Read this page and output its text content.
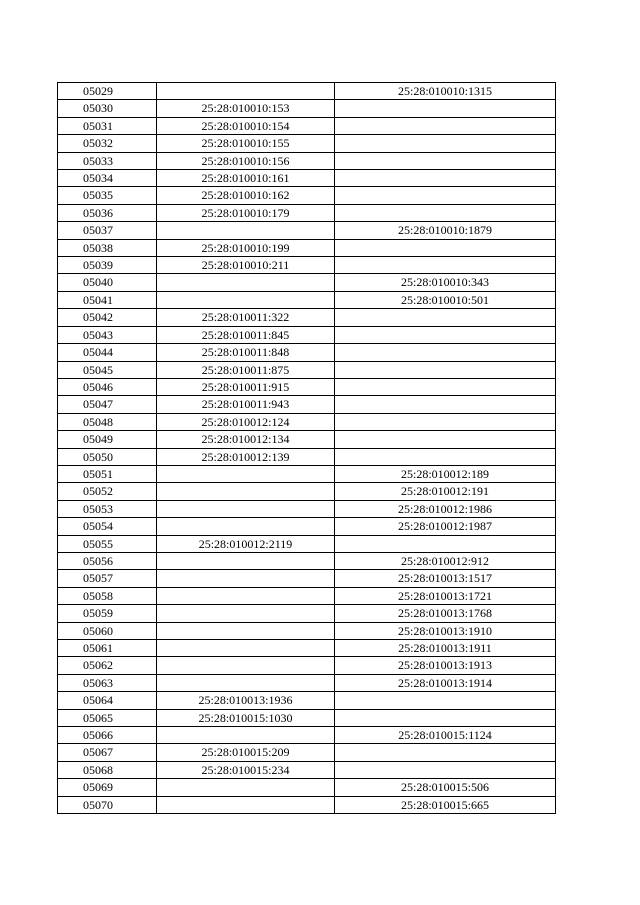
05029		25:28:010010:1315
05030	25:28:010010:153	
05031	25:28:010010:154	
05032	25:28:010010:155	
05033	25:28:010010:156	
05034	25:28:010010:161	
05035	25:28:010010:162	
05036	25:28:010010:179	
05037		25:28:010010:1879
05038	25:28:010010:199	
05039	25:28:010010:211	
05040		25:28:010010:343
05041		25:28:010010:501
05042	25:28:010011:322	
05043	25:28:010011:845	
05044	25:28:010011:848	
05045	25:28:010011:875	
05046	25:28:010011:915	
05047	25:28:010011:943	
05048	25:28:010012:124	
05049	25:28:010012:134	
05050	25:28:010012:139	
05051		25:28:010012:189
05052		25:28:010012:191
05053		25:28:010012:1986
05054		25:28:010012:1987
05055	25:28:010012:2119	
05056		25:28:010012:912
05057		25:28:010013:1517
05058		25:28:010013:1721
05059		25:28:010013:1768
05060		25:28:010013:1910
05061		25:28:010013:1911
05062		25:28:010013:1913
05063		25:28:010013:1914
05064	25:28:010013:1936	
05065	25:28:010015:1030	
05066		25:28:010015:1124
05067	25:28:010015:209	
05068	25:28:010015:234	
05069		25:28:010015:506
05070		25:28:010015:665
